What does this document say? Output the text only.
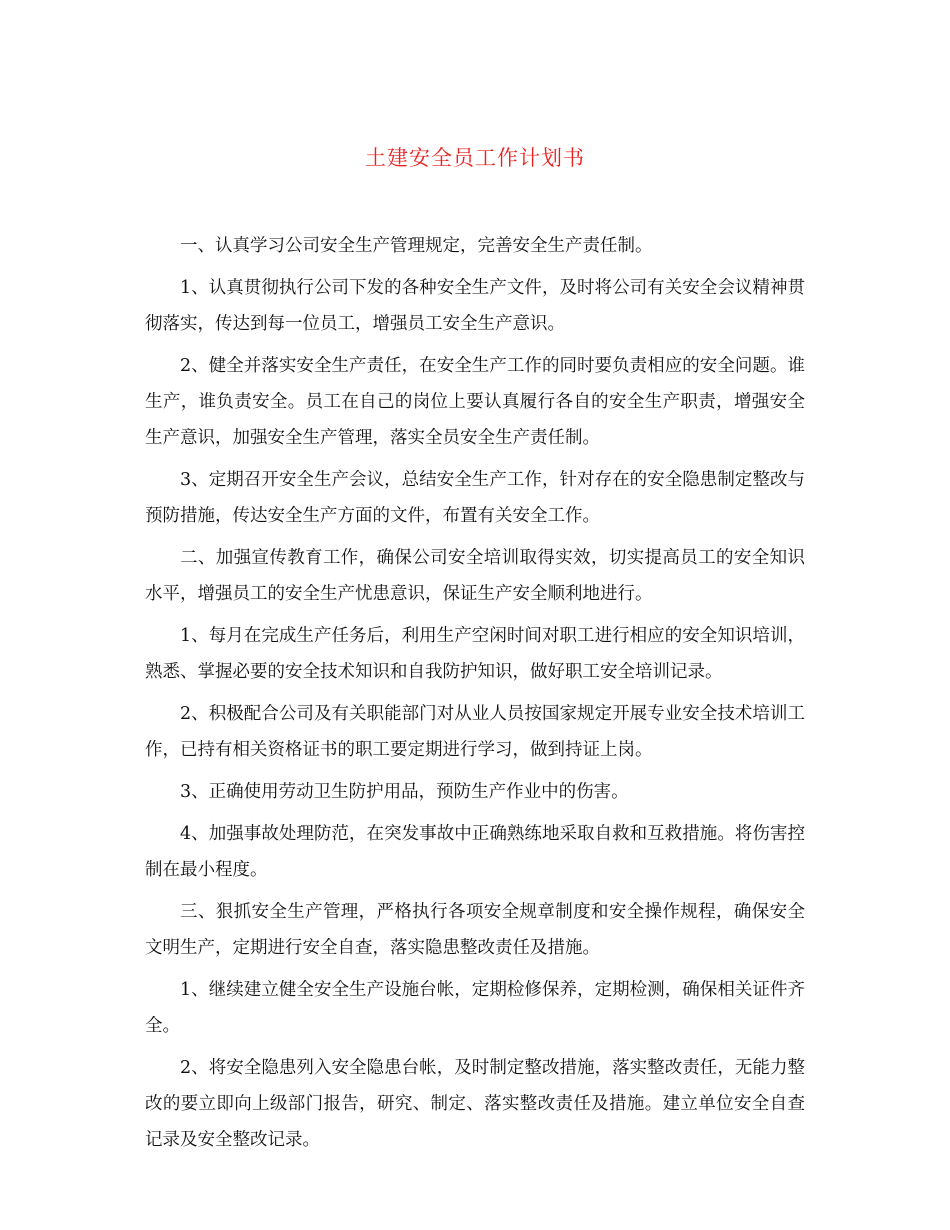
土建安全员工作计划书

一、认真学习公司安全生产管理规定，完善安全生产责任制。

1、认真贯彻执行公司下发的各种安全生产文件，及时将公司有关安全会议精神贯彻落实，传达到每一位员工，增强员工安全生产意识。

2、健全并落实安全生产责任，在安全生产工作的同时要负责相应的安全问题。谁生产，谁负责安全。员工在自己的岗位上要认真履行各自的安全生产职责，增强安全生产意识，加强安全生产管理，落实全员安全生产责任制。

3、定期召开安全生产会议，总结安全生产工作，针对存在的安全隐患制定整改与预防措施，传达安全生产方面的文件，布置有关安全工作。

二、加强宣传教育工作，确保公司安全培训取得实效，切实提高员工的安全知识水平，增强员工的安全生产忧患意识，保证生产安全顺利地进行。

1、每月在完成生产任务后，利用生产空闲时间对职工进行相应的安全知识培训，熟悉、掌握必要的安全技术知识和自我防护知识，做好职工安全培训记录。

2、积极配合公司及有关职能部门对从业人员按国家规定开展专业安全技术培训工作，已持有相关资格证书的职工要定期进行学习，做到持证上岗。

3、正确使用劳动卫生防护用品，预防生产作业中的伤害。

4、加强事故处理防范，在突发事故中正确熟练地采取自救和互救措施。将伤害控制在最小程度。

三、狠抓安全生产管理，严格执行各项安全规章制度和安全操作规程，确保安全文明生产，定期进行安全自查，落实隐患整改责任及措施。

1、继续建立健全安全生产设施台帐，定期检修保养，定期检测，确保相关证件齐全。

2、将安全隐患列入安全隐患台帐，及时制定整改措施，落实整改责任，无能力整改的要立即向上级部门报告，研究、制定、落实整改责任及措施。建立单位安全自查记录及安全整改记录。
